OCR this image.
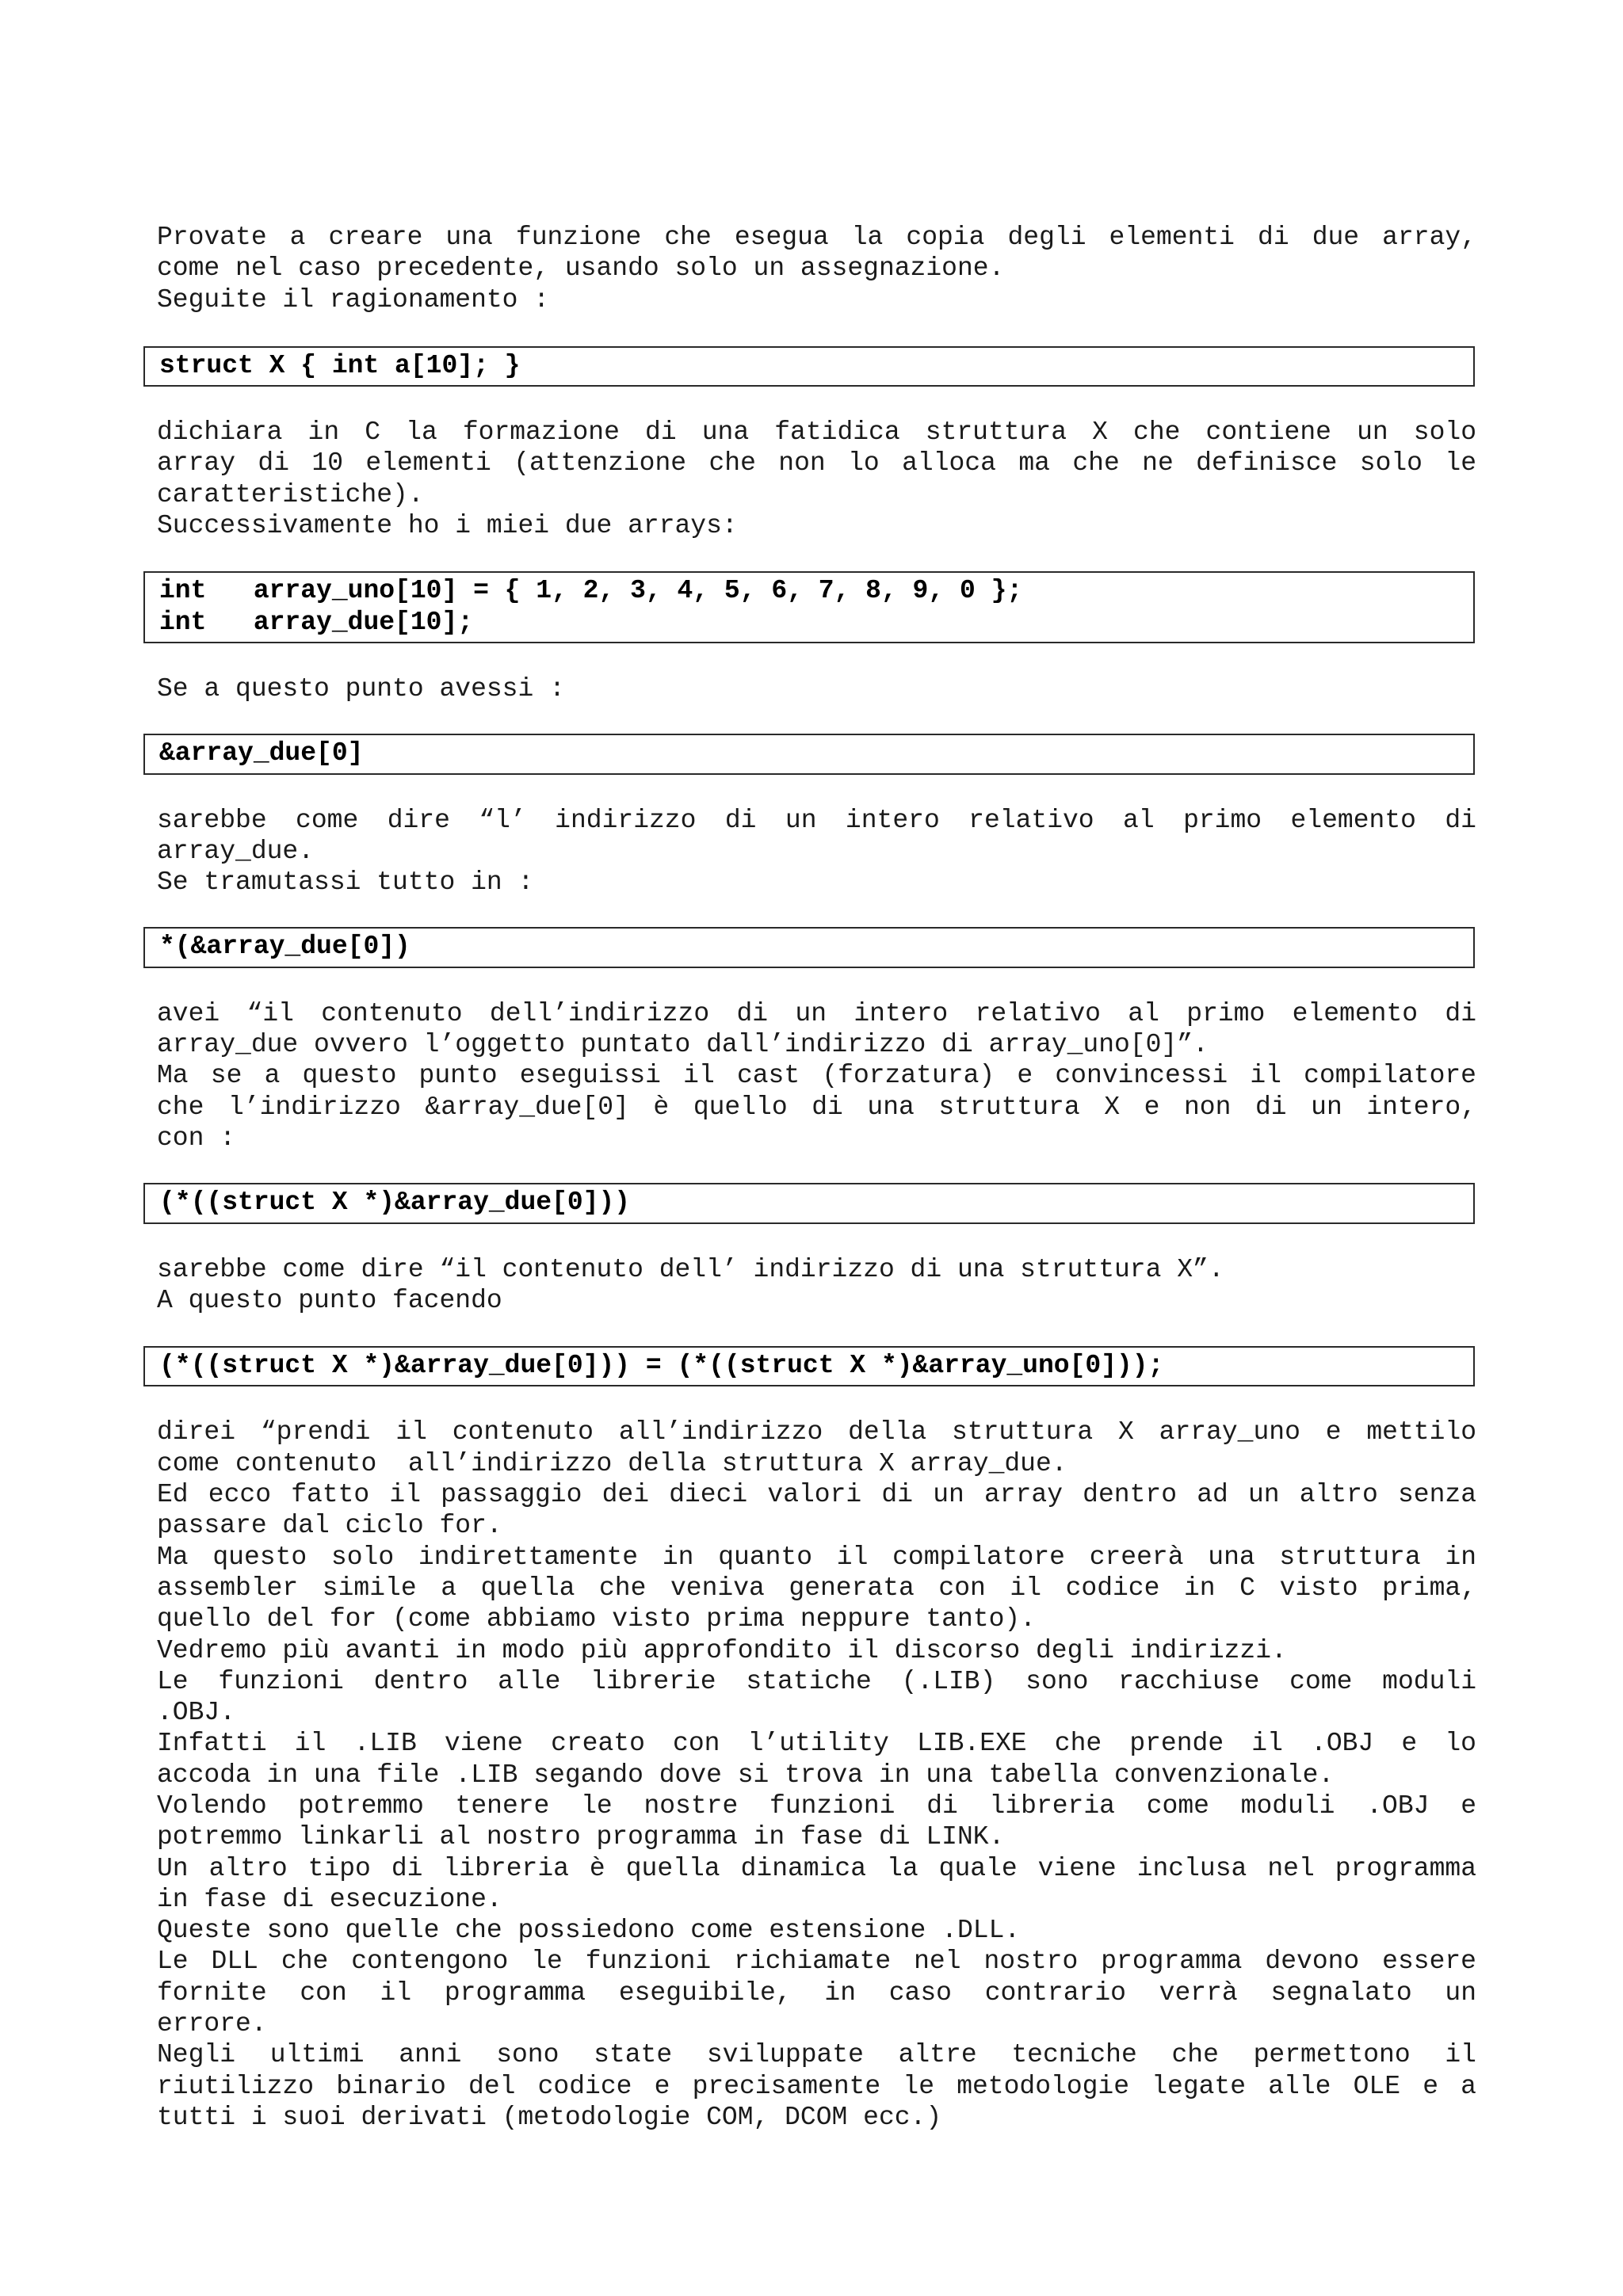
Provate a creare una funzione che esegua la copia degli elementi di due array,
come nel caso precedente, usando solo un assegnazione.
Seguite il ragionamento :
struct X { int a[10]; }
dichiara in C la formazione di una fatidica struttura X che contiene un solo
array di 10 elementi (attenzione che non lo alloca ma che ne definisce solo le
caratteristiche).
Successivamente ho i miei due arrays:
int   array_uno[10] = { 1, 2, 3, 4, 5, 6, 7, 8, 9, 0 };
int   array_due[10];
Se a questo punto avessi :
&array_due[0]
sarebbe come dire “l’ indirizzo di un intero relativo al primo elemento di
array_due.
Se tramutassi tutto in :
*(&array_due[0])
avei “il contenuto dell’indirizzo di un intero relativo al primo elemento di
array_due ovvero l’oggetto puntato dall’indirizzo di array_uno[0]”.
Ma se a questo punto eseguissi il cast (forzatura) e convincessi il compilatore
che l’indirizzo &array_due[0] è quello di una struttura X e non di un intero,
con :
(*((struct X *)&array_due[0]))
sarebbe come dire “il contenuto dell’ indirizzo di una struttura X”.
A questo punto facendo
(*((struct X *)&array_due[0])) = (*((struct X *)&array_uno[0]));
direi “prendi il contenuto all’indirizzo della struttura X array_uno e mettilo
come contenuto  all’indirizzo della struttura X array_due.
Ed ecco fatto il passaggio dei dieci valori di un array dentro ad un altro senza
passare dal ciclo for.
Ma questo solo indirettamente in quanto il compilatore creerà una struttura in
assembler simile a quella che veniva generata con il codice in C visto prima,
quello del for (come abbiamo visto prima neppure tanto).
Vedremo più avanti in modo più approfondito il discorso degli indirizzi.
Le funzioni dentro alle librerie statiche (.LIB) sono racchiuse come moduli
.OBJ.
Infatti il .LIB viene creato con l’utility LIB.EXE che prende il .OBJ e lo
accoda in una file .LIB segando dove si trova in una tabella convenzionale.
Volendo potremmo tenere le nostre funzioni di libreria come moduli .OBJ e
potremmo linkarli al nostro programma in fase di LINK.
Un altro tipo di libreria è quella dinamica la quale viene inclusa nel programma
in fase di esecuzione.
Queste sono quelle che possiedono come estensione .DLL.
Le DLL che contengono le funzioni richiamate nel nostro programma devono essere
fornite con il programma eseguibile, in caso contrario verrà segnalato un
errore.
Negli ultimi anni sono state sviluppate altre tecniche che permettono il
riutilizzo binario del codice e precisamente le metodologie legate alle OLE e a
tutti i suoi derivati (metodologie COM, DCOM ecc.)
